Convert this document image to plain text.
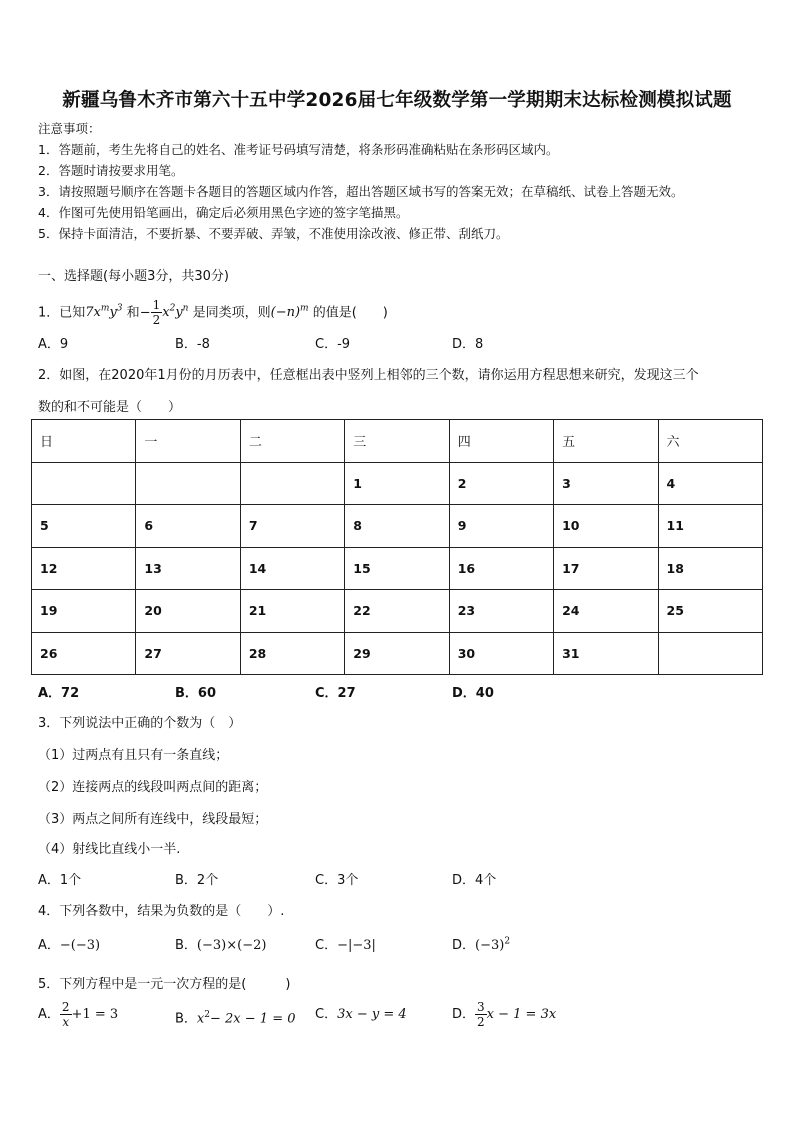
新疆乌鲁木齐市第六十五中学2026届七年级数学第一学期期末达标检测模拟试题
注意事项：
1．答题前，考生先将自己的姓名、准考证号码填写清楚，将条形码准确粘贴在条形码区域内。
2．答题时请按要求用笔。
3．请按照题号顺序在答题卡各题目的答题区域内作答，超出答题区域书写的答案无效；在草稿纸、试卷上答题无效。
4．作图可先使用铅笔画出，确定后必须用黑色字迹的签字笔描黑。
5．保持卡面清洁，不要折暴、不要弄破、弄皱，不准使用涂改液、修正带、刮纸刀。
一、选择题(每小题3分，共30分)
1．已知$7x^my^3$ 和− $\frac{1}{2} x^2y^n$ 是同类项，则$(-n)^m$ 的值是(　　)
A．9	B．-8	C．-9	D．8
2．如图，在2020年1月份的月历表中，任意框出表中竖列上相邻的三个数，请你运用方程思想来研究，发现这三个
数的和不可能是（　　）
日	一	二	三	四	五	六
			1	2	3	4
5	6	7	8	9	10	11
12	13	14	15	16	17	18
19	20	21	22	23	24	25
26	27	28	29	30	31	
A．72	B．60	C．27	D．40
3．下列说法中正确的个数为（　）
（1）过两点有且只有一条直线；
（2）连接两点的线段叫两点间的距离；
（3）两点之间所有连线中，线段最短；
（4）射线比直线小一半.
A．1个	B．2个	C．3个	D．4个
4．下列各数中，结果为负数的是（　　）.
A．−(−3)	B．(−3)×(−2)	C．−|−3|	D．$(-3)^2$
5．下列方程中是一元一次方程的是(　　　)
A． $\frac{2}{x} +1 = 3$	B．$x^2- 2x - 1 = 0$ C．3x − y = 4	D． $\frac{3}{2}$ x − 1 = 3x
